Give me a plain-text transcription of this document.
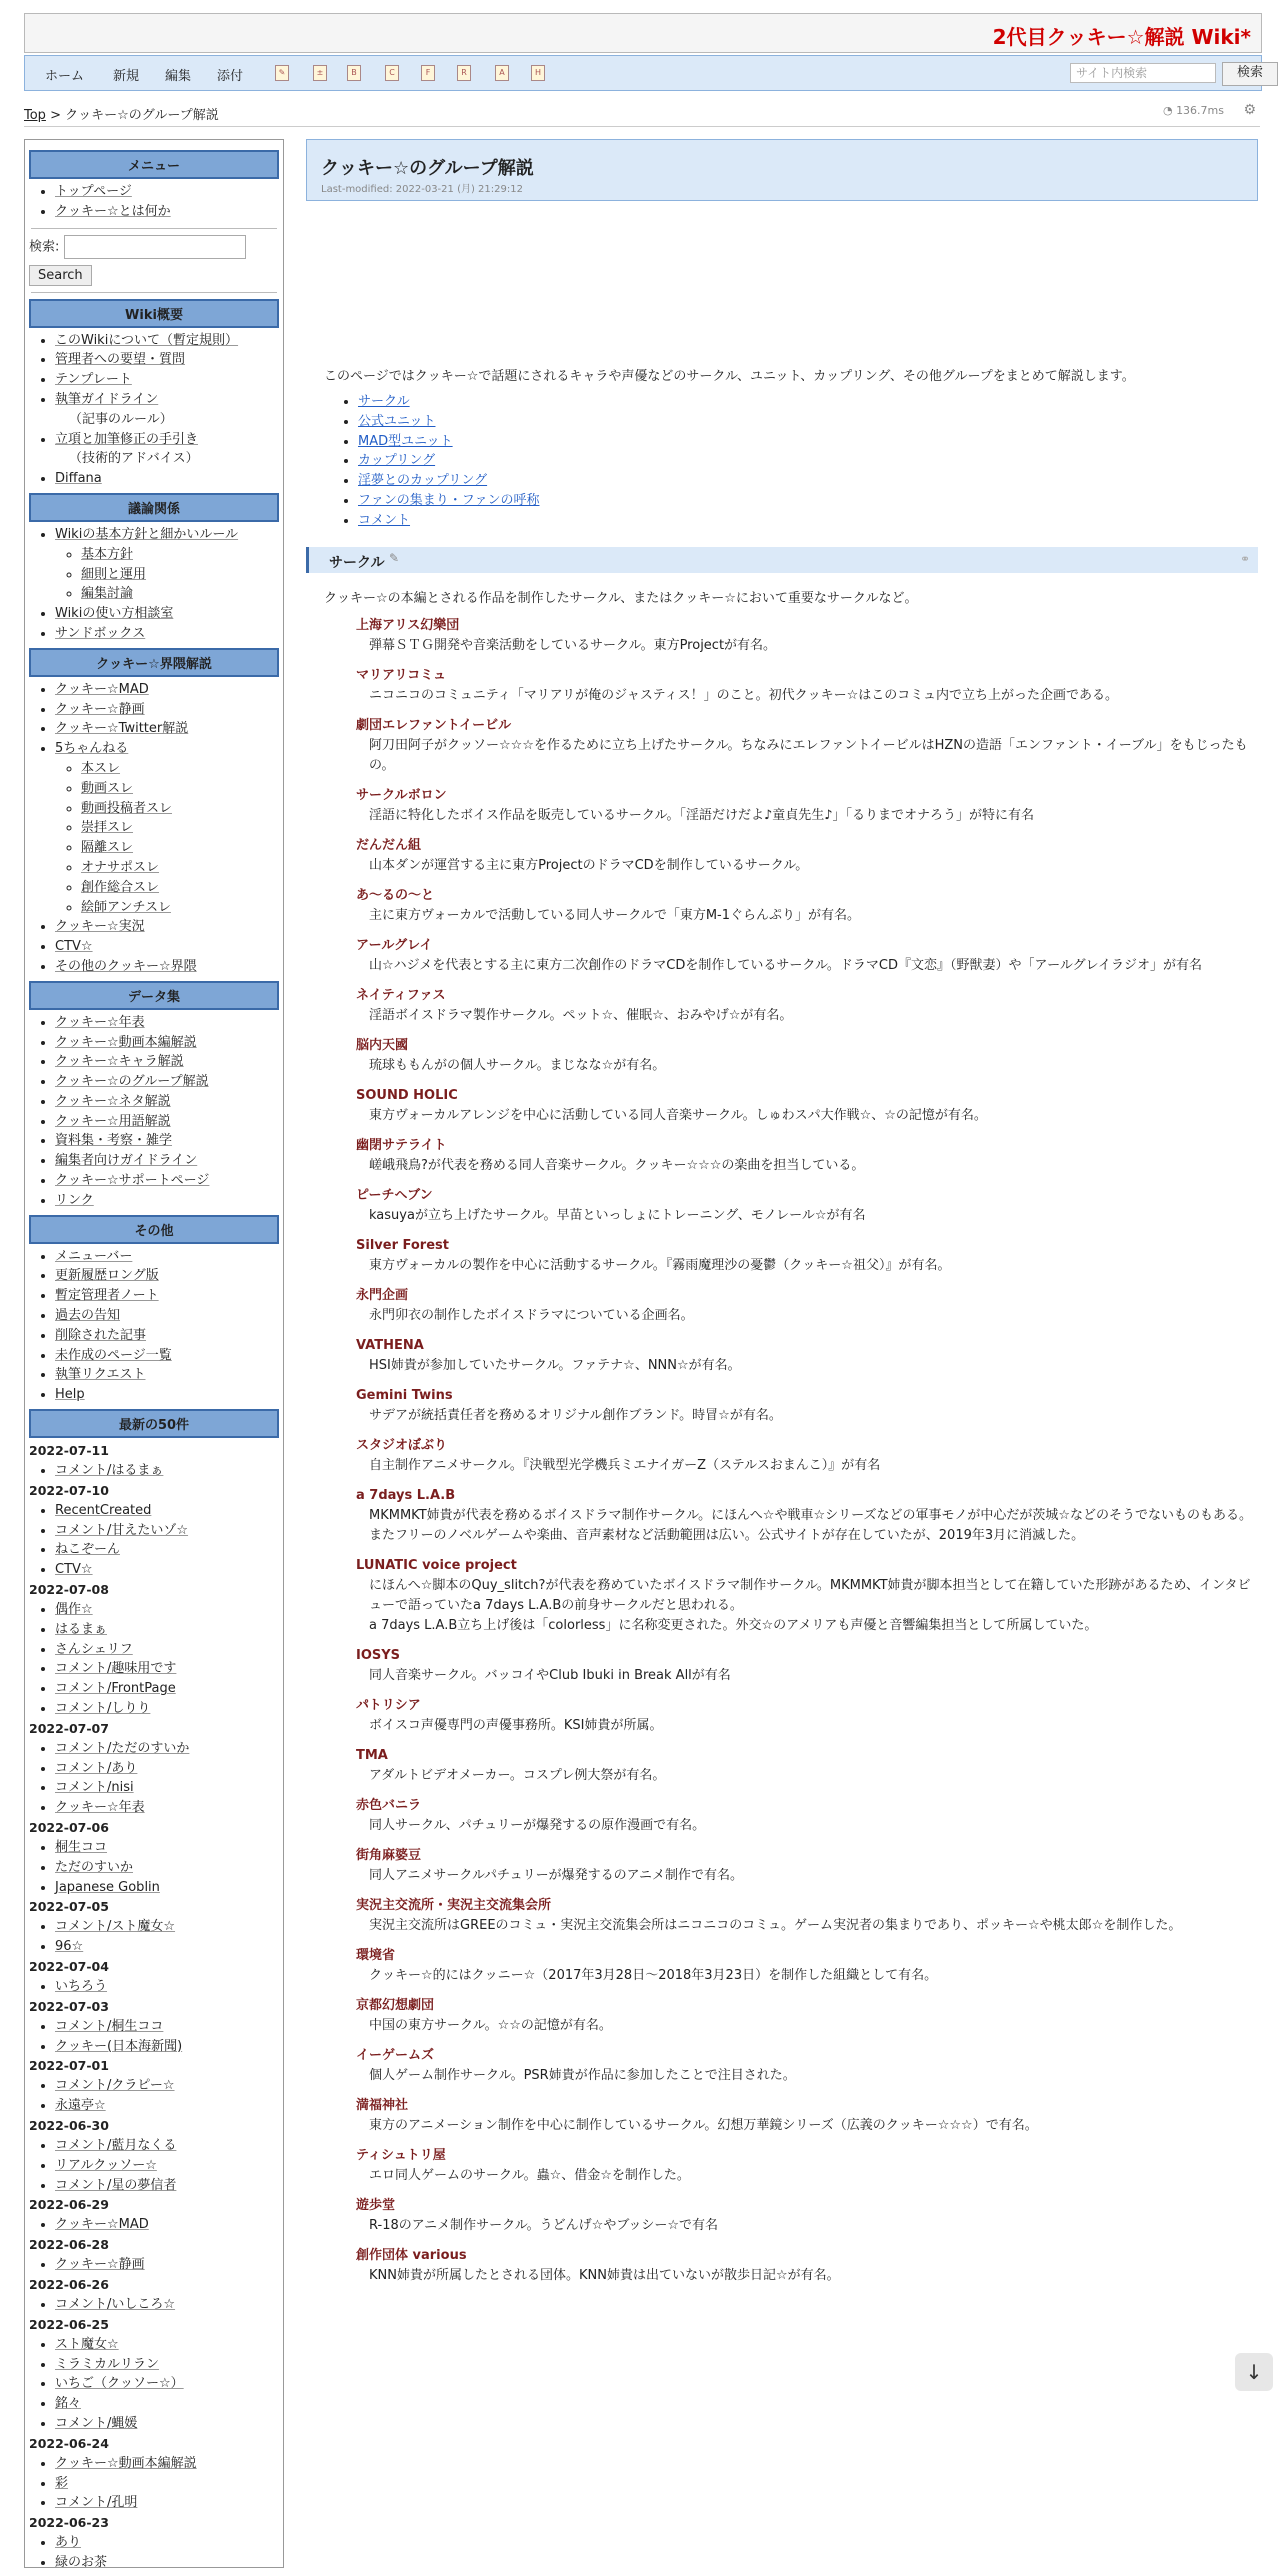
2代目クッキー☆解説 Wiki*
ホーム 新規 編集 添付	✎	±	B	C	F	R	A	H	サイト内検索	検索
Top > クッキー☆のグループ解説	◔ 136.7ms ⚙
メニュー
• トップページ
• クッキー☆とは何か
検索:
Search
Wiki概要
• このWikiについて（暫定規則）
• 管理者への要望・質問
• テンプレート
• 執筆ガイドライン
（記事のルール）
• 立項と加筆修正の手引き
（技術的アドバイス）
• Diffana
議論関係
• Wikiの基本方針と細かいルール
◦ 基本方針
◦ 細則と運用
◦ 編集討論
• Wikiの使い方相談室
• サンドボックス
クッキー☆界隈解説
• クッキー☆MAD
• クッキー☆静画
• クッキー☆Twitter解説
• 5ちゃんねる
◦ 本スレ
◦ 動画スレ
◦ 動画投稿者スレ
◦ 崇拝スレ
◦ 隔離スレ
◦ オナサポスレ
◦ 創作総合スレ
◦ 絵師アンチスレ
• クッキー☆実況
• CTV☆
• その他のクッキー☆界隈
データ集
• クッキー☆年表
• クッキー☆動画本編解説
• クッキー☆キャラ解説
• クッキー☆のグループ解説
• クッキー☆ネタ解説
• クッキー☆用語解説
• 資料集・考察・雑学
• 編集者向けガイドライン
• クッキー☆サポートページ
• リンク
その他
• メニューバー
• 更新履歴ロング版
• 暫定管理者ノート
• 過去の告知
• 削除された記事
• 未作成のページ一覧
• 執筆リクエスト
• Help
最新の50件
2022-07-11
• コメント/はるまぁ
2022-07-10
• RecentCreated
• コメント/甘えたいゾ☆
• ねこぞーん
• CTV☆
2022-07-08
• 偶作☆
• はるまぁ
• さんシェリフ
• コメント/趣味用です
• コメント/FrontPage
• コメント/しりり
2022-07-07
• コメント/ただのすいか
• コメント/あり
• コメント/nisi
• クッキー☆年表
2022-07-06
• 桐生ココ
• ただのすいか
• Japanese Goblin
2022-07-05
• コメント/スト魔女☆
• 96☆
2022-07-04
• いちろう
2022-07-03
• コメント/桐生ココ
• クッキー(日本海新聞)
2022-07-01
• コメント/クラピー☆
• 永遠亭☆
2022-06-30
• コメント/藍月なくる
• リアルクッソー☆
• コメント/星の夢信者
2022-06-29
• クッキー☆MAD
2022-06-28
• クッキー☆静画
2022-06-26
• コメント/いしころ☆
2022-06-25
• スト魔女☆
• ミラミカルリラン
• いちご（クッソー☆）
• 銘々
• コメント/蝿媛
2022-06-24
• クッキー☆動画本編解説
• 彩
• コメント/孔明
2022-06-23
• あり
• 緑のお茶
クッキー☆のグループ解説
Last-modified: 2022-03-21 (月) 21:29:12

このページではクッキー☆で話題にされるキャラや声優などのサークル、ユニット、カップリング、その他グループをまとめて解説します。

• サークル
• 公式ユニット
• MAD型ユニット
• カップリング
• 淫夢とのカップリング
• ファンの集まり・ファンの呼称
• コメント
サークル ✎	⚭

クッキー☆の本編とされる作品を制作したサークル、またはクッキー☆において重要なサークルなど。

上海アリス幻樂団
弾幕ＳＴＧ開発や音楽活動をしているサークル。東方Projectが有名。
マリアリコミュ
ニコニコのコミュニティ「マリアリが俺のジャスティス！」のこと。初代クッキー☆はこのコミュ内で立ち上がった企画である。
劇団エレファントイービル
阿刀田阿子がクッソー☆☆☆を作るために立ち上げたサークル。ちなみにエレファントイービルはHZNの造語「エンファント・イーブル」をもじったもの。
サークルボロン
淫語に特化したボイス作品を販売しているサークル。「淫語だけだよ♪童貞先生♪」「るりまでオナろう」が特に有名
だんだん組
山本ダンが運営する主に東方ProjectのドラマCDを制作しているサークル。
あ～るの～と
主に東方ヴォーカルで活動している同人サークルで「東方M-1ぐらんぷり」が有名。
アールグレイ
山☆ハジメを代表とする主に東方二次創作のドラマCDを制作しているサークル。ドラマCD『文恋』（野獣妻）や「アールグレイラジオ」が有名
ネイティファス
淫語ボイスドラマ製作サークル。ペット☆、催眠☆、おみやげ☆が有名。
脳内天國
琉球ももんがの個人サークル。まじなな☆が有名。
SOUND HOLIC
東方ヴォーカルアレンジを中心に活動している同人音楽サークル。しゅわスパ大作戦☆、☆の記憶が有名。
幽閉サテライト
嵯峨飛鳥?が代表を務める同人音楽サークル。クッキー☆☆☆の楽曲を担当している。
ピーチヘブン
kasuyaが立ち上げたサークル。早苗といっしょにトレーニング、モノレール☆が有名
Silver Forest
東方ヴォーカルの製作を中心に活動するサークル。『霧雨魔理沙の憂鬱（クッキー☆祖父）』が有名。
永門企画
永門卯衣の制作したボイスドラマについている企画名。
VATHENA
HSI姉貴が参加していたサークル。ファテナ☆、NNN☆が有名。
Gemini Twins
サデアが統括責任者を務めるオリジナル創作ブランド。時冒☆が有名。
スタジオぼぶり
自主制作アニメサークル。『決戦型光学機兵ミエナイガーZ（ステルスおまんこ）』が有名
a 7days L.A.B
MKMMKT姉貴が代表を務めるボイスドラマ制作サークル。にほんへ☆や戦車☆シリーズなどの軍事モノが中心だが茨城☆などのそうでないものもある。またフリーのノベルゲームや楽曲、音声素材など活動範囲は広い。公式サイトが存在していたが、2019年3月に消滅した。
LUNATIC voice project
にほんへ☆脚本のQuy_slitch?が代表を務めていたボイスドラマ制作サークル。MKMMKT姉貴が脚本担当として在籍していた形跡があるため、インタビューで語っていたa 7days L.A.Bの前身サークルだと思われる。
a 7days L.A.B立ち上げ後は「colorless」に名称変更された。外交☆のアメリアも声優と音響編集担当として所属していた。
IOSYS
同人音楽サークル。バッコイやClub Ibuki in Break Allが有名
パトリシア
ボイスコ声優専門の声優事務所。KSI姉貴が所属。
TMA
アダルトビデオメーカー。コスプレ例大祭が有名。
赤色バニラ
同人サークル、パチュリーが爆発するの原作漫画で有名。
街角麻婆豆
同人アニメサークルパチュリーが爆発するのアニメ制作で有名。
実況主交流所・実況主交流集会所
実況主交流所はGREEのコミュ・実況主交流集会所はニコニコのコミュ。ゲーム実況者の集まりであり、ポッキー☆や桃太郎☆を制作した。
環境省
クッキー☆的にはクッニー☆（2017年3月28日～2018年3月23日）を制作した組織として有名。
京都幻想劇団
中国の東方サークル。☆☆の記憶が有名。
イーゲームズ
個人ゲーム制作サークル。PSR姉貴が作品に参加したことで注目された。
満福神社
東方のアニメーション制作を中心に制作しているサークル。幻想万華鏡シリーズ（広義のクッキー☆☆☆）で有名。
ティシュトリ屋
エロ同人ゲームのサークル。蟲☆、借金☆を制作した。
遊歩堂
R-18のアニメ制作サークル。うどんげ☆やブッシー☆で有名
創作団体 various
KNN姉貴が所属したとされる団体。KNN姉貴は出ていないが散歩日記☆が有名。
↓
